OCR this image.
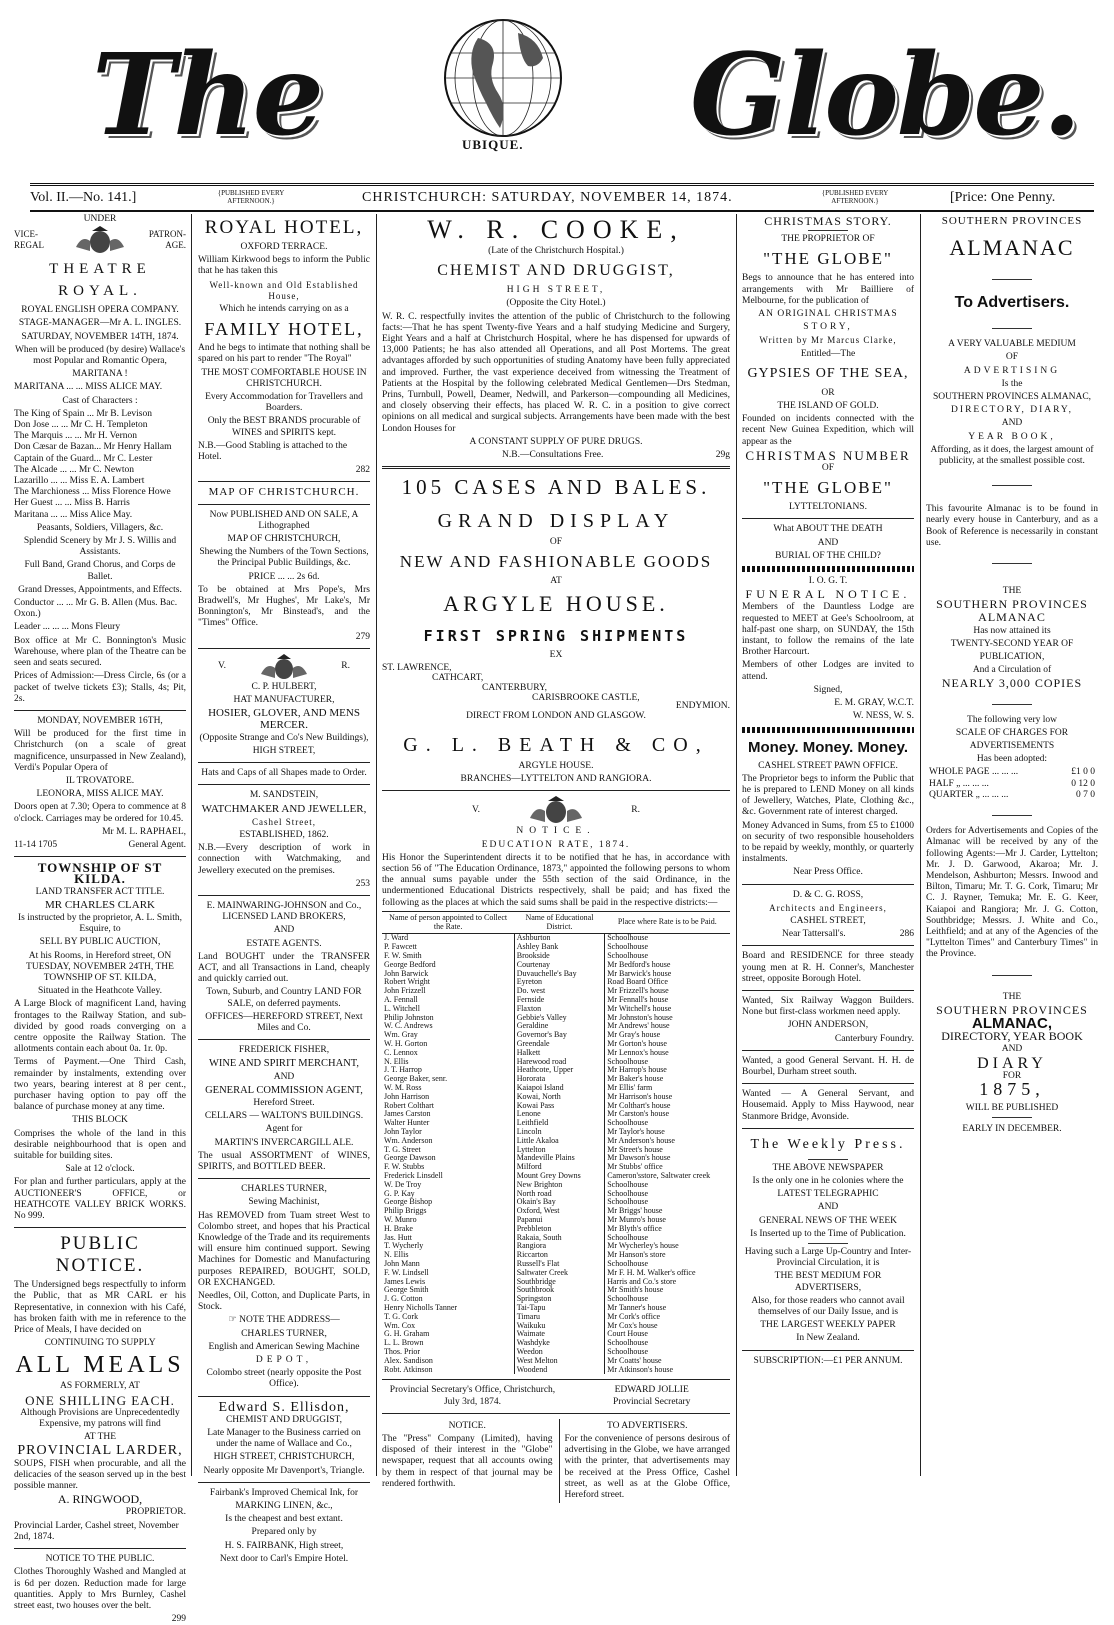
The	UBIQUE. Globe.
Vol. II.—No. 141.]	{PUBLISHED EVERY AFTERNOON.}	CHRISTCHURCH: SATURDAY, NOVEMBER 14, 1874.	{PUBLISHED EVERY AFTERNOON.}	[Price: One Penny.
UNDER
VICE-REGAL
PATRON-AGE.
THEATRE ROYAL.

ROYAL ENGLISH OPERA COMPANY.

STAGE-MANAGER—Mr A. L. INGLES.

SATURDAY, NOVEMBER 14TH, 1874.

When will be produced (by desire) Wallace's most Popular and Romantic Opera,

MARITANA !

MARITANA ... ... MISS ALICE MAY.

Cast of Characters :

The King of Spain ... Mr B. Levison
Don Jose ... ... Mr C. H. Templeton
The Marquis ... ... Mr H. Vernon
Don Cæsar de Bazan... Mr Henry Hallam
Captain of the Guard... Mr C. Lester
The Alcade ... ... Mr C. Newton
Lazarillo ... ... Miss E. A. Lambert
The Marchioness ... Miss Florence Howe
Her Guest ... ... Miss B. Harris
Maritana ... ... Miss Alice May.

Peasants, Soldiers, Villagers, &c.

Splendid Scenery by Mr J. S. Willis and Assistants.

Full Band, Grand Chorus, and Corps de Ballet.

Grand Dresses, Appointments, and Effects.

Conductor ... ... Mr G. B. Allen (Mus. Bac. Oxon.)

Leader ... ... ... Mons Fleury

Box office at Mr C. Bonnington's Music Warehouse, where plan of the Theatre can be seen and seats secured.

Prices of Admission:—Dress Circle, 6s (or a packet of twelve tickets £3); Stalls, 4s; Pit, 2s.

MONDAY, NOVEMBER 16TH,

Will be produced for the first time in Christchurch (on a scale of great magnificence, unsurpassed in New Zealand), Verdi's Popular Opera of

IL TROVATORE.

LEONORA, MISS ALICE MAY.

Doors open at 7.30; Opera to commence at 8 o'clock. Carriages may be ordered for 10.45.

Mr M. L. RAPHAEL,

11-14 1705	General Agent.
TOWNSHIP OF ST KILDA.

LAND TRANSFER ACT TITLE.

MR CHARLES CLARK

Is instructed by the proprietor, A. L. Smith, Esquire, to

SELL BY PUBLIC AUCTION,

At his Rooms, in Hereford street, ON TUESDAY, NOVEMBER 24TH, THE TOWNSHIP OF ST. KILDA,

Situated in the Heathcote Valley.

A Large Block of magnificent Land, having frontages to the Railway Station, and sub-divided by good roads converging on a centre opposite the Railway Station. The allotments contain each about 0a. 1r. 0p.

Terms of Payment.—One Third Cash, remainder by instalments, extending over two years, bearing interest at 8 per cent., purchaser having option to pay off the balance of purchase money at any time.

THIS BLOCK

Comprises the whole of the land in this desirable neighbourhood that is open and suitable for building sites.

Sale at 12 o'clock.

For plan and further particulars, apply at the AUCTIONEER'S OFFICE, or HEATHCOTE VALLEY BRICK WORKS. No 999.

PUBLIC NOTICE.

The Undersigned begs respectfully to inform the Public, that as MR CARL er his Representative, in connexion with his Café, has broken faith with me in reference to the Price of Meals, I have decided on

CONTINUING TO SUPPLY

ALL MEALS

AS FORMERLY, AT

ONE SHILLING EACH.

Although Provisions are Unprecedentedly Expensive, my patrons will find

AT THE

PROVINCIAL LARDER,

SOUPS, FISH when procurable, and all the delicacies of the season served up in the best possible manner.

A. RINGWOOD,

PROPRIETOR.

Provincial Larder, Cashel street, November 2nd, 1874.

NOTICE TO THE PUBLIC.

Clothes Thoroughly Washed and Mangled at is 6d per dozen. Reduction made for large quantities. Apply to Mrs Burnley, Cashel street east, two houses over the belt.

299

ROYAL HOTEL,

OXFORD TERRACE.

William Kirkwood begs to inform the Public that he has taken this

Well-known and Old Established House,

Which he intends carrying on as a

FAMILY HOTEL,

And he begs to intimate that nothing shall be spared on his part to render "The Royal"

THE MOST COMFORTABLE HOUSE IN CHRISTCHURCH.

Every Accommodation for Travellers and Boarders.

Only the BEST BRANDS procurable of WINES and SPIRITS kept.

N.B.—Good Stabling is attached to the Hotel.

282

MAP OF CHRISTCHURCH.

Now PUBLISHED AND ON SALE, A Lithographed

MAP OF CHRISTCHURCH,

Shewing the Numbers of the Town Sections, the Principal Public Buildings, &c.

PRICE ... ... 2s 6d.

To be obtained at Mrs Pope's, Mrs Bradwell's, Mr Hughes', Mr Lake's, Mr Bonnington's, Mr Binstead's, and the "Times" Office.

279

V.	R.

C. P. HULBERT,

HAT MANUFACTURER,

HOSIER, GLOVER, AND MENS MERCER.

(Opposite Strange and Co's New Buildings),

HIGH STREET,

Hats and Caps of all Shapes made to Order.

M. SANDSTEIN,

WATCHMAKER AND JEWELLER,

Cashel Street,

ESTABLISHED, 1862.

N.B.—Every description of work in connection with Watchmaking, and Jewellery executed on the premises.

253

E. MAINWARING-JOHNSON and Co., LICENSED LAND BROKERS,

AND

ESTATE AGENTS.

Land BOUGHT under the TRANSFER ACT, and all Transactions in Land, cheaply and quickly carried out.

Town, Suburb, and Country LAND FOR SALE, on deferred payments.

OFFICES—HEREFORD STREET, Next Miles and Co.

FREDERICK FISHER,

WINE AND SPIRIT MERCHANT,

AND

GENERAL COMMISSION AGENT,

Hereford Street.

CELLARS — WALTON'S BUILDINGS.

Agent for

MARTIN'S INVERCARGILL ALE.

The usual ASSORTMENT of WINES, SPIRITS, and BOTTLED BEER.

CHARLES TURNER,

Sewing Machinist,

Has REMOVED from Tuam street West to Colombo street, and hopes that his Practical Knowledge of the Trade and its requirements will ensure him continued support. Sewing Machines for Domestic and Manufacturing purposes REPAIRED, BOUGHT, SOLD, OR EXCHANGED.

Needles, Oil, Cotton, and Duplicate Parts, in Stock.

☞ NOTE THE ADDRESS—

CHARLES TURNER,

English and American Sewing Machine

DEPOT,

Colombo street (nearly opposite the Post Office).

Edward S. Ellisdon,

CHEMIST AND DRUGGIST,

Late Manager to the Business carried on under the name of Wallace and Co.,

HIGH STREET, CHRISTCHURCH,

Nearly opposite Mr Davenport's, Triangle.

Fairbank's Improved Chemical Ink, for

MARKING LINEN, &c.,

Is the cheapest and best extant.

Prepared only by

H. S. FAIRBANK, High street,

Next door to Carl's Empire Hotel.

W. R. COOKE,

(Late of the Christchurch Hospital.)

CHEMIST AND DRUGGIST,

HIGH STREET,

(Opposite the City Hotel.)

W. R. C. respectfully invites the attention of the public of Christchurch to the following facts:—That he has spent Twenty-five Years and a half studying Medicine and Surgery, Eight Years and a half at Christchurch Hospital, where he has dispensed for upwards of 13,000 Patients; he has also attended all Operations, and all Post Mortems. The great advantages afforded by such opportunities of studing Anatomy have been fully appreciated and improved. Further, the vast experience deceived from witnessing the Treatment of Patients at the Hospital by the following celebrated Medical Gentlemen—Drs Stedman, Prins, Turnbull, Powell, Deamer, Nedwill, and Parkerson—compounding all Medicines, and closely observing their effects, has placed W. R. C. in a position to give correct opinions on all medical and surgical subjects. Arrangements have been made with the best London Houses for

A CONSTANT SUPPLY OF PURE DRUGS.

N.B.—Consultations Free.	29g
105 CASES AND BALES.
GRAND DISPLAY

OF

NEW AND FASHIONABLE GOODS

AT

ARGYLE HOUSE.
FIRST SPRING SHIPMENTS

EX

ST. LAWRENCE,
CATHCART,
CANTERBURY,
CARISBROOKE CASTLE,
ENDYMION.

DIRECT FROM LONDON AND GLASGOW.

G. L. BEATH & CO,

ARGYLE HOUSE.

BRANCHES—LYTTELTON AND RANGIORA.

V.	R.

NOTICE.

EDUCATION RATE, 1874.

His Honor the Superintendent directs it to be notified that he has, in accordance with section 56 of "The Education Ordinance, 1873," appointed the following persons to whom the annual sums payable under the 55th section of the said Ordinance, in the undermentioned Educational Districts respectively, shall be paid; and has fixed the following as the places at which the said sums shall be paid in the respective districts:—

Name of person appointed to Collect the Rate.	Name of Educational District.	Place where Rate is to be Paid.
J. Ward	Ashburton	Schoolhouse
P. Fawcett	Ashley Bank	Schoolhouse
F. W. Smith	Brookside	Schoolhouse
George Bedford	Courtenay	Mr Bedford's house
John Barwick	Duvauchelle's Bay	Mr Barwick's house
Robert Wright	Eyreton	Road Board Office
John Frizzell	Do. west	Mr Frizzell's house
A. Fennall	Fernside	Mr Fennall's house
L. Witchell	Flaxton	Mr Witchell's house
Philip Johnston	Gebbie's Valley	Mr Johnston's house
W. C. Andrews	Geraldine	Mr Andrews' house
Wm. Gray	Governor's Bay	Mr Gray's house
W. H. Gorton	Greendale	Mr Gorton's house
C. Lennox	Halkett	Mr Lennox's house
N. Ellis	Harewood road	Schoolhouse
J. T. Harrop	Heathcote, Upper	Mr Harrop's house
George Baker, senr.	Hororata	Mr Baker's house
W. M. Ross	Kaiapoi Island	Mr Ellis' farm
John Harrison	Kowai, North	Mr Harrison's house
Robert Colthart	Kowai Pass	Mr Colthart's house
James Carston	Lenone	Mr Carston's house
Walter Hunter	Leithfield	Schoolhouse
John Taylor	Lincoln	Mr Taylor's house
Wm. Anderson	Little Akaloa	Mr Anderson's house
T. G. Street	Lyttelton	Mr Street's house
George Dawson	Mandeville Plains	Mr Dawson's house
F. W. Stubbs	Milford	Mr Stubbs' office
Frederick Linsdell	Mount Grey Downs	Cameron'sstore, Saltwater creek
W. De Troy	New Brighton	Schoolhouse
G. P. Kay	North road	Schoolhouse
George Bishop	Okain's Bay	Schoolhouse
Philip Briggs	Oxford, West	Mr Briggs' house
W. Munro	Papanui	Mr Munro's house
H. Brake	Prebbleton	Mr Blyth's office
Jas. Hutt	Rakaia, South	Schoolhouse
T. Wycherly	Rangiora	Mr Wycherley's house
N. Ellis	Riccarton	Mr Hanson's store
John Mann	Russell's Flat	Schoolhouse
F. W. Lindsell	Saltwater Creek	Mr F. H. M. Walker's office
James Lewis	Southbridge	Harris and Co.'s store
George Smith	Southbrook	Mr Smith's house
J. G. Cotton	Springston	Schoolhouse
Henry Nicholls Tanner	Tai-Tapu	Mr Tanner's house
T. G. Cork	Timaru	Mr Cork's office
Wm. Cox	Waikuku	Mr Cox's house
G. H. Graham	Waimate	Court House
L. L. Brown	Washdyke	Schoolhouse
Thos. Prior	Weedon	Schoolhouse
Alex. Sandison	West Melton	Mr Coatts' house
Robt. Atkinson	Woodend	Mr Atkinson's house
Provincial Secretary's Office, Christchurch, July 3rd, 1874.
EDWARD JOLLIE
Provincial Secretary

NOTICE.

The "Press" Company (Limited), having disposed of their interest in the "Globe" newspaper, request that all accounts owing by them in respect of that journal may be rendered forthwith.

TO ADVERTISERS.

For the convenience of persons desirous of advertising in the Globe, we have arranged with the printer, that advertisements may be received at the Press Office, Cashel street, as well as at the Globe Office, Hereford street.

CHRISTMAS STORY.

THE PROPRIETOR OF

"THE GLOBE"

Begs to announce that he has entered into arrangements with Mr Bailliere of Melbourne, for the publication of

AN ORIGINAL CHRISTMAS

STORY,

Written by Mr Marcus Clarke,

Entitled—The

GYPSIES OF THE SEA,

OR

THE ISLAND OF GOLD.

Founded on incidents connected with the recent New Guinea Expedition, which will appear as the

CHRISTMAS NUMBER

OF

"THE GLOBE"

LYTTELTONIANS.

What ABOUT THE DEATH

AND

BURIAL OF THE CHILD?

I. O. G. T.

FUNERAL NOTICE.

Members of the Dauntless Lodge are requested to MEET at Gee's Schoolroom, at half-past one sharp, on SUNDAY, the 15th instant, to follow the remains of the late Brother Harcourt.

Members of other Lodges are invited to attend.

Signed,

E. M. GRAY, W.C.T.

W. NESS, W. S.

Money. Money. Money.

CASHEL STREET PAWN OFFICE.

The Proprietor begs to inform the Public that he is prepared to LEND Money on all kinds of Jewellery, Watches, Plate, Clothing &c., &c. Government rate of interest charged.

Money Advanced in Sums, from £5 to £1000 on security of two responsible householders to be repaid by weekly, monthly, or quarterly instalments.

Near Press Office.

D. & C. G. ROSS,

Architects and Engineers,

CASHEL STREET,

Near Tattersall's.	286

Board and RESIDENCE for three steady young men at R. H. Conner's, Manchester street, opposite Borough Hotel.

Wanted, Six Railway Waggon Builders. None but first-class workmen need apply.

JOHN ANDERSON,

Canterbury Foundry.

Wanted, a good General Servant. H. H. de Bourbel, Durham street south.

Wanted — A General Servant, and Housemaid. Apply to Miss Haywood, near Stanmore Bridge, Avonside.

The Weekly Press.

THE ABOVE NEWSPAPER

Is the only one in he colonies where the

LATEST TELEGRAPHIC

AND

GENERAL NEWS OF THE WEEK

Is Inserted up to the Time of Publication.

Having such a Large Up-Country and Inter-Provincial Circulation, it is

THE BEST MEDIUM FOR ADVERTISERS,

Also, for those readers who cannot avail themselves of our Daily Issue, and is

THE LARGEST WEEKLY PAPER

In New Zealand.

SUBSCRIPTION:—£1 PER ANNUM.

SOUTHERN PROVINCES

ALMANAC
To Advertisers.

A VERY VALUABLE MEDIUM

OF

ADVERTISING

Is the

SOUTHERN PROVINCES ALMANAC,

DIRECTORY, DIARY,

AND

YEAR BOOK,

Affording, as it does, the largest amount of publicity, at the smallest possible cost.

This favourite Almanac is to be found in nearly every house in Canterbury, and as a Book of Reference is necessarily in constant use.

THE

SOUTHERN PROVINCES

ALMANAC

Has now attained its

TWENTY-SECOND YEAR OF

PUBLICATION,

And a Circulation of

NEARLY 3,000 COPIES

The following very low

SCALE OF CHARGES FOR

ADVERTISEMENTS

Has been adopted:

WHOLE PAGE ... ... ...	£1 0 0
HALF „ ... ... ...	0 12 0
QUARTER „ ... ... ...	0 7 0

Orders for Advertisements and Copies of the Almanac will be received by any of the following Agents:—Mr J. Carder, Lyttelton; Mr. J. D. Garwood, Akaroa; Mr. J. Mendelson, Ashburton; Messrs. Inwood and Bilton, Timaru; Mr. T. G. Cork, Timaru; Mr C. J. Rayner, Temuka; Mr. E. G. Keer, Kaiapoi and Rangiora; Mr. J. G. Cotton, Southbridge; Messrs. J. White and Co., Leithfield; and at any of the Agencies of the "Lyttelton Times" and Canterbury Times" in the Province.

THE

SOUTHERN PROVINCES

ALMANAC,

DIRECTORY, YEAR BOOK

AND

DIARY

FOR

1875,

WILL BE PUBLISHED

EARLY IN DECEMBER.
